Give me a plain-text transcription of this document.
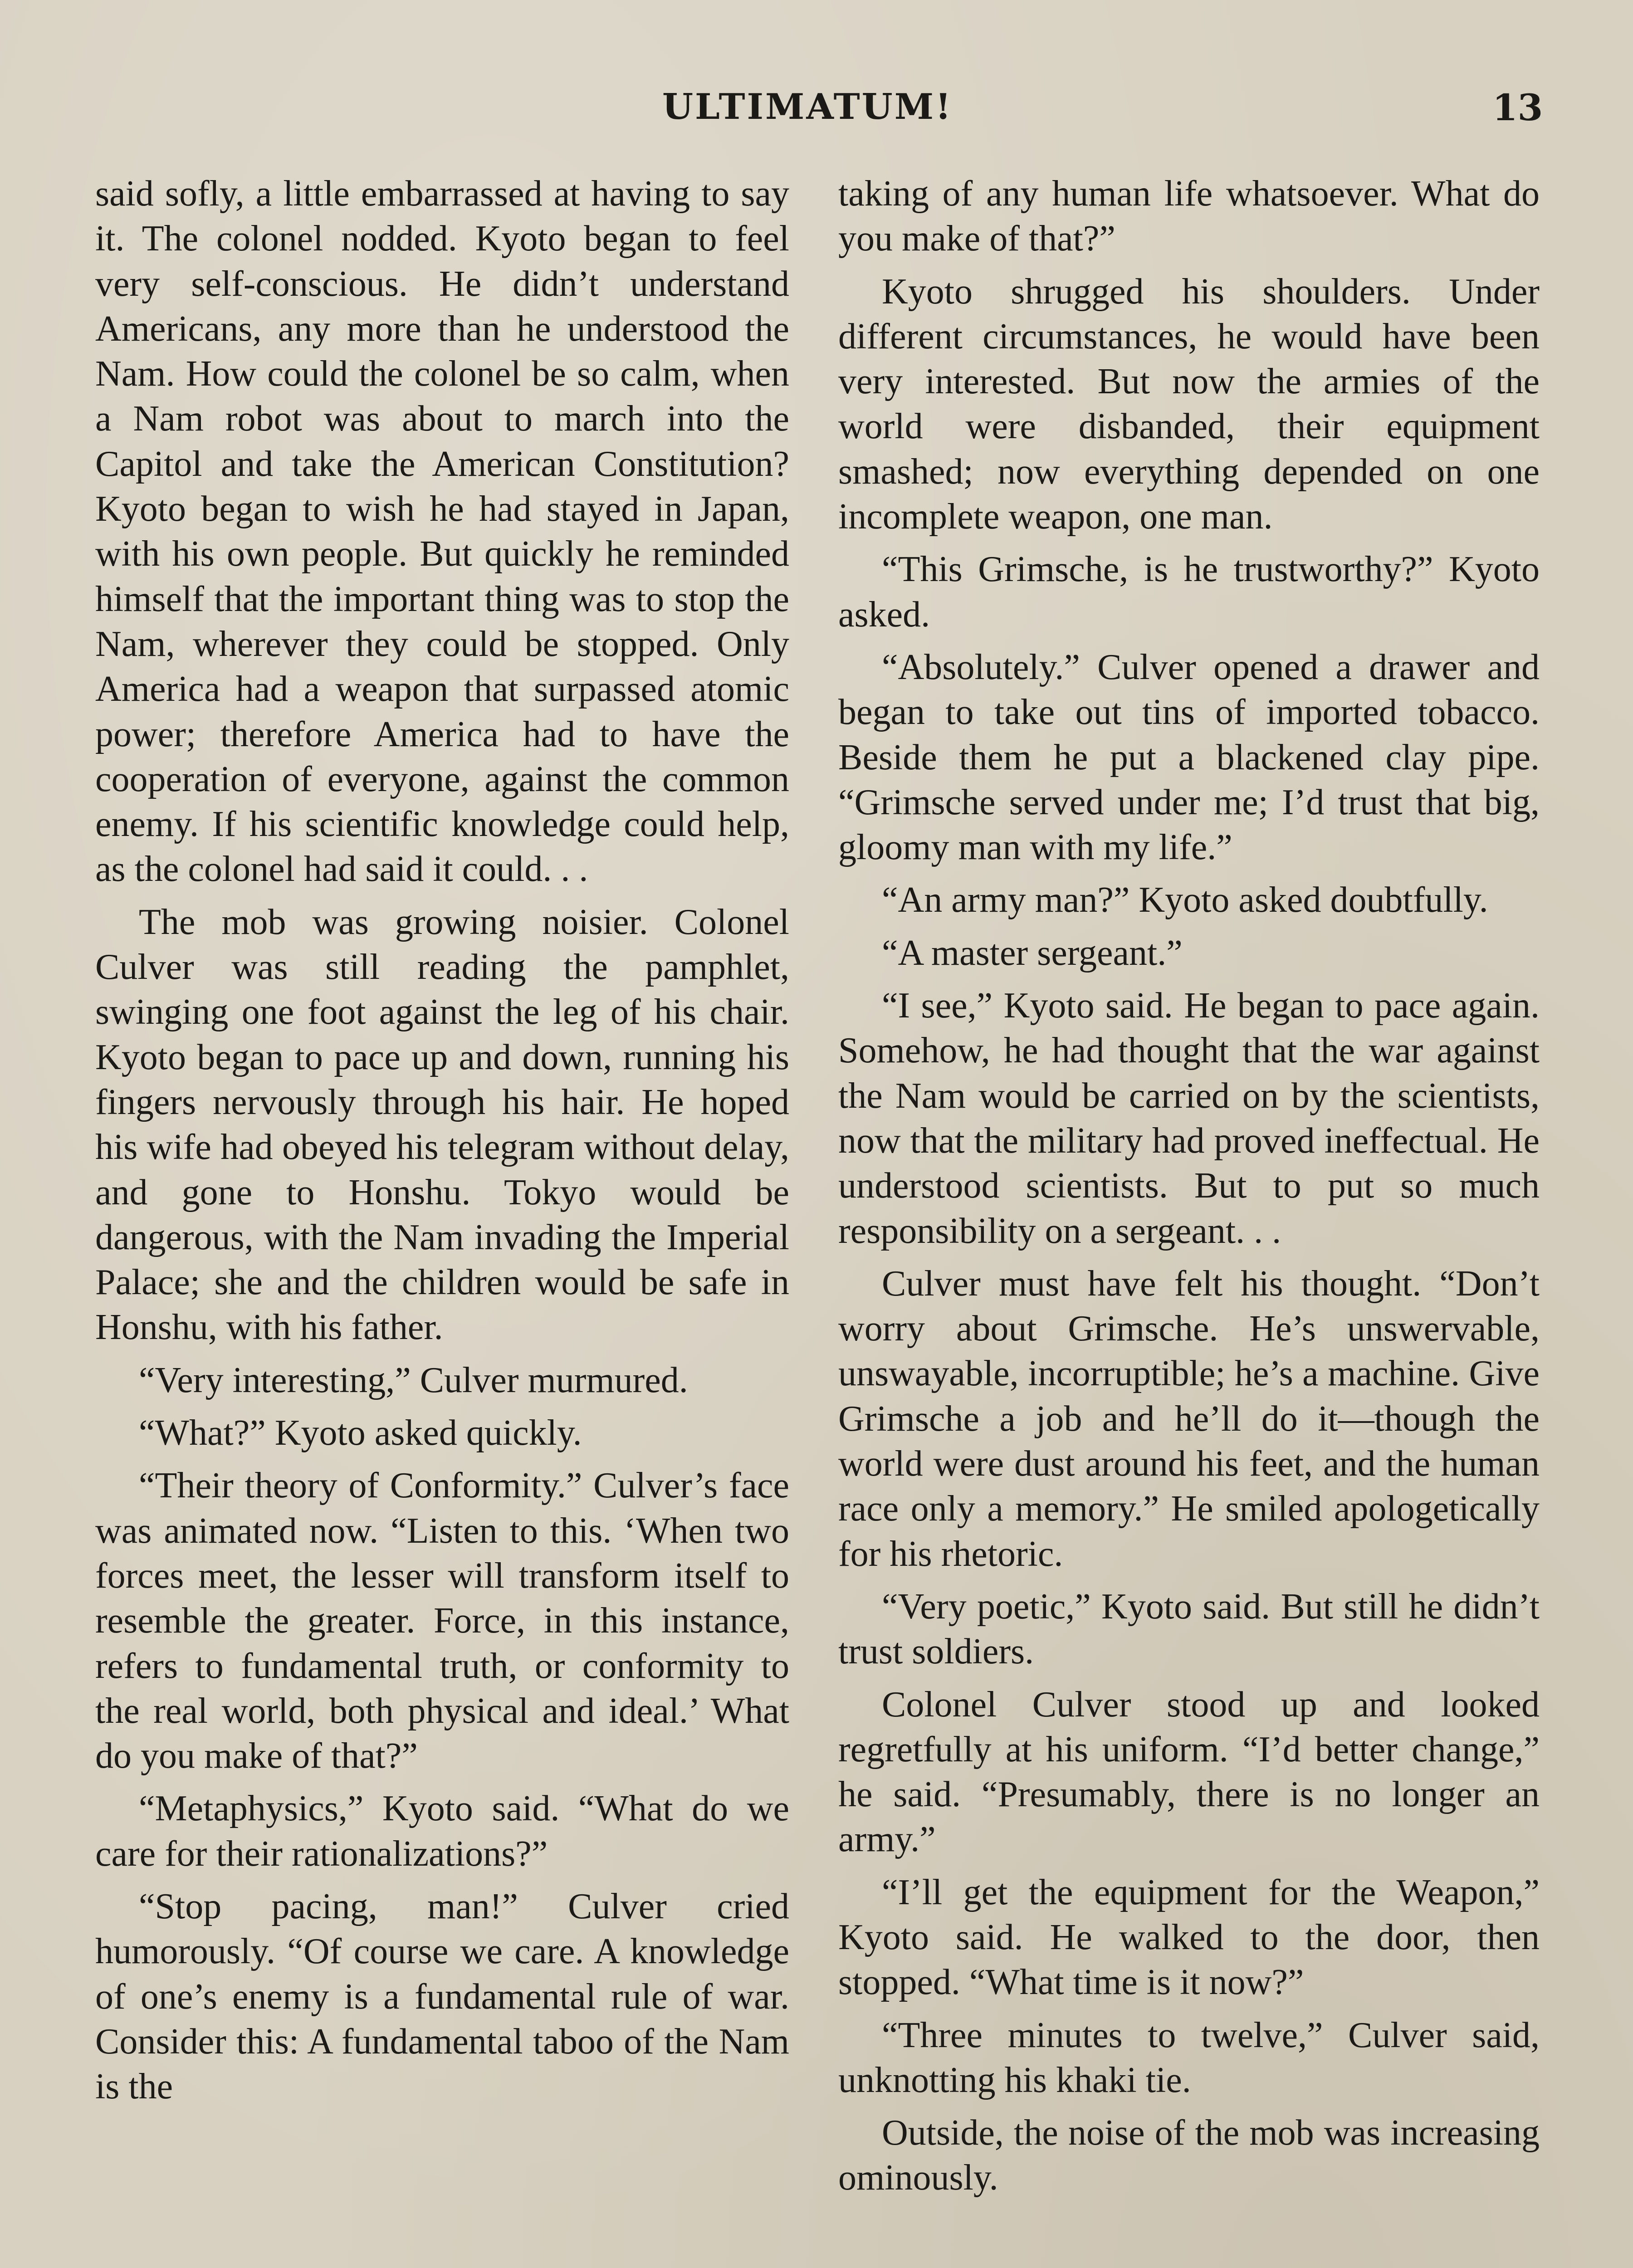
ULTIMATUM!	13

said sofly, a little embarrassed at having to say it. The colonel nodded. Kyoto began to feel very self-conscious. He didn’t understand Americans, any more than he understood the Nam. How could the colonel be so calm, when a Nam robot was about to march into the Capitol and take the American Constitution? Kyoto began to wish he had stayed in Japan, with his own people. But quickly he reminded himself that the important thing was to stop the Nam, wherever they could be stopped. Only America had a weapon that surpassed atomic power; therefore America had to have the cooperation of everyone, against the common enemy. If his scientific knowledge could help, as the colonel had said it could. . .

The mob was growing noisier. Colonel Culver was still reading the pamphlet, swinging one foot against the leg of his chair. Kyoto began to pace up and down, running his fingers nervously through his hair. He hoped his wife had obeyed his telegram without delay, and gone to Honshu. Tokyo would be dangerous, with the Nam invading the Imperial Palace; she and the children would be safe in Honshu, with his father.

“Very interesting,” Culver murmured.

“What?” Kyoto asked quickly.

“Their theory of Conformity.” Culver’s face was animated now. “Listen to this. ‘When two forces meet, the lesser will transform itself to resemble the greater. Force, in this instance, refers to fundamental truth, or conformity to the real world, both physical and ideal.’ What do you make of that?”

“Metaphysics,” Kyoto said. “What do we care for their rationalizations?”

“Stop pacing, man!” Culver cried humorously. “Of course we care. A knowledge of one’s enemy is a fundamental rule of war. Consider this: A fundamental taboo of the Nam is the

taking of any human life whatsoever. What do you make of that?”

Kyoto shrugged his shoulders. Under different circumstances, he would have been very interested. But now the armies of the world were disbanded, their equipment smashed; now everything depended on one incomplete weapon, one man.

“This Grimsche, is he trustworthy?” Kyoto asked.

“Absolutely.” Culver opened a drawer and began to take out tins of imported tobacco. Beside them he put a blackened clay pipe. “Grimsche served under me; I’d trust that big, gloomy man with my life.”

“An army man?” Kyoto asked doubtfully.

“A master sergeant.”

“I see,” Kyoto said. He began to pace again. Somehow, he had thought that the war against the Nam would be carried on by the scientists, now that the military had proved ineffectual. He understood scientists. But to put so much responsibility on a sergeant. . .

Culver must have felt his thought. “Don’t worry about Grimsche. He’s unswervable, unswayable, incorruptible; he’s a machine. Give Grimsche a job and he’ll do it—though the world were dust around his feet, and the human race only a memory.” He smiled apologetically for his rhetoric.

“Very poetic,” Kyoto said. But still he didn’t trust soldiers.

Colonel Culver stood up and looked regretfully at his uniform. “I’d better change,” he said. “Presumably, there is no longer an army.”

“I’ll get the equipment for the Weapon,” Kyoto said. He walked to the door, then stopped. “What time is it now?”

“Three minutes to twelve,” Culver said, unknotting his khaki tie.

Outside, the noise of the mob was increasing ominously.
